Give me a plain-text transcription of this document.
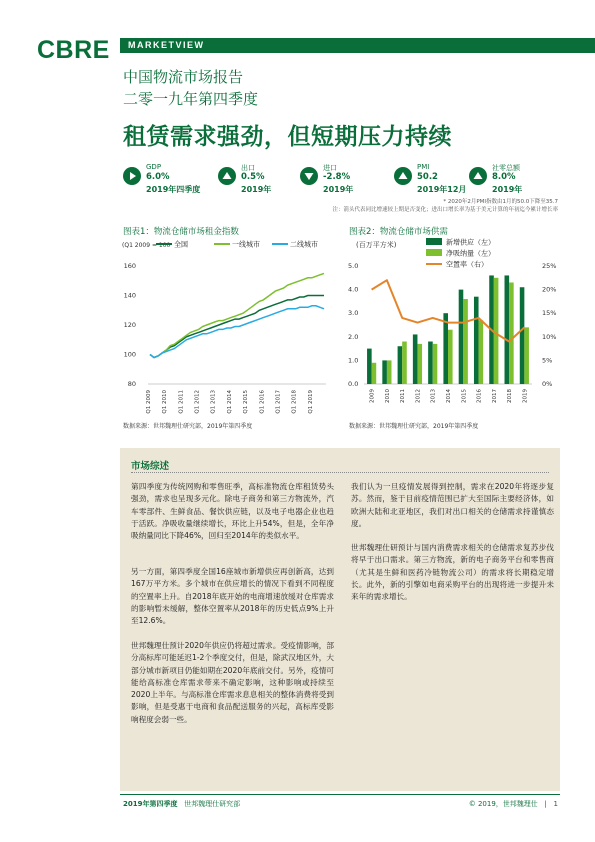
CBRE MARKETVIEW
中国物流市场报告
二零一九年第四季度
租赁需求强劲，但短期压力持续
GDP
6.0%
2019年四季度
出口
0.5%
2019年
进口
-2.8%
2019年
PMI
50.2
2019年12月
社零总额
8.0%
2019年
* 2020年2月PMI指数由1月的50.0下降至35.7
注：箭头代表同比增速较上期是否变化；进出口增长率为基于美元计算的年初迄今累计增长率
图表1：物流仓储市场租金指数
(Q1 2009 = 100
80
100
120
140
160
Q1 2009 Q1 2010 Q1 2011 Q1 2012 Q1 2013 Q1 2014 Q1 2015 Q1 2016 Q1 2017 Q1 2018 Q1 2019
全国	一线城市	二线城市
数据来源：世邦魏理仕研究部，2019年第四季度
图表2：物流仓储市场供需
(百万平方米)
0.0
1.0
2.0
3.0
4.0
5.0
0%
5%
10%
15%
20%
25%
2009 2010 2011 2012 2013 2014 2015 2016 2017 2018 2019
新增供应（左）
净吸纳量（左）
空置率（右）
数据来源：世邦魏理仕研究部，2019年第四季度
市场综述
第四季度为传统网购和零售旺季，高标准物流仓库租赁势头强劲，需求也呈现多元化。除电子商务和第三方物流外，汽车零部件、生鲜食品、餐饮供应链，以及电子电器企业也趋于活跃。净吸收量继续增长，环比上升54%，但是，全年净吸纳量同比下降46%，回归至2014年的类似水平。
另一方面，第四季度全国16座城市新增供应再创新高，达到167万平方米。多个城市在供应增长的情况下看到不同程度的空置率上升。自2018年底开始的电商增速放缓对仓库需求的影响暂未缓解，整体空置率从2018年的历史低点9%上升至12.6%。
世邦魏理仕预计2020年供应仍将超过需求。受疫情影响，部分高标库可能延迟1-2个季度交付，但是，除武汉地区外，大部分城市新项目仍能如期在2020年底前交付。另外，疫情可能给高标准仓库需求带来不确定影响，这种影响或持续至2020上半年。与高标准仓库需求息息相关的整体消费将受到影响，但是受惠于电商和食品配送服务的兴起，高标库受影响程度会弱一些。
我们认为一旦疫情发展得到控制，需求在2020年将逐步复苏。然而，鉴于目前疫情范围已扩大至国际主要经济体，如欧洲大陆和北亚地区，我们对出口相关的仓储需求持谨慎态度。
世邦魏理仕研预计与国内消费需求相关的仓储需求复苏步伐将早于出口需求。第三方物流，新的电子商务平台和零售商（尤其是生鲜和医药冷链物流公司）的需求将长期稳定增长。此外，新的引擎如电商采购平台的出现将进一步提升未来年的需求增长。
2019年第四季度 世邦魏理仕研究部	© 2019，世邦魏理仕 | 1
